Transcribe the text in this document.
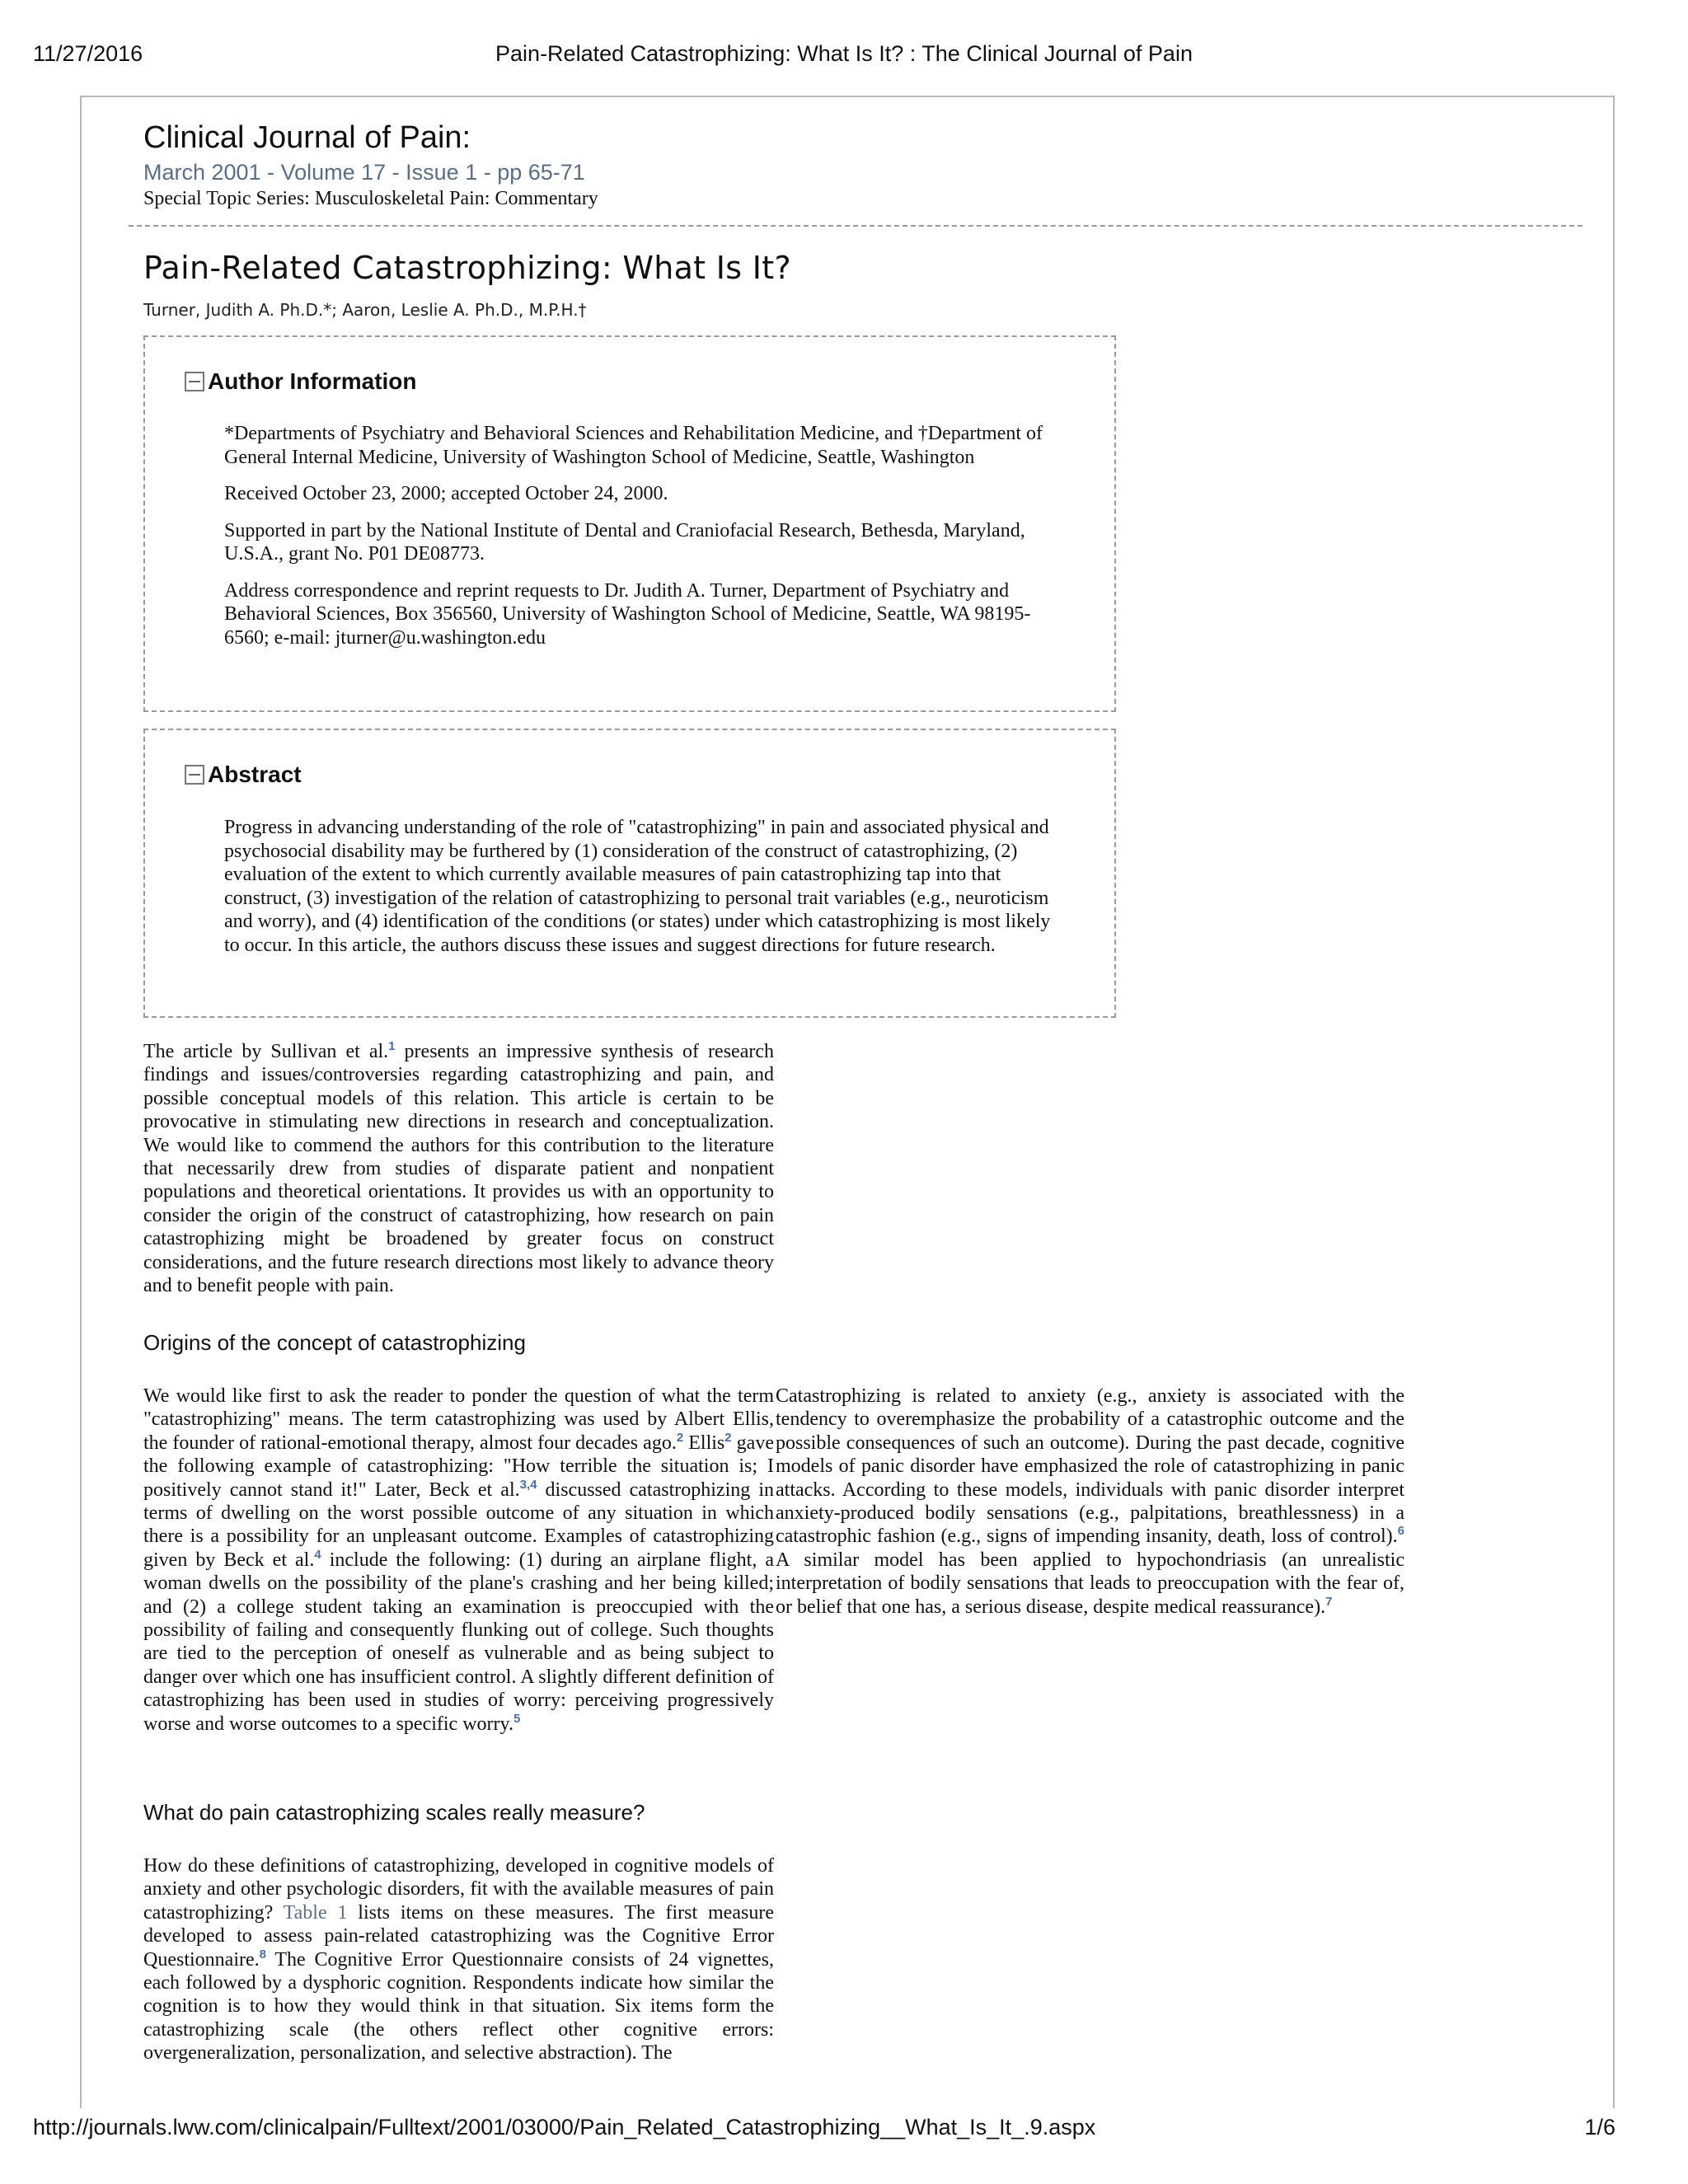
11/27/2016	Pain-Related Catastrophizing: What Is It? : The Clinical Journal of Pain
Clinical Journal of Pain:
March 2001 - Volume 17 - Issue 1 - pp 65-71
Special Topic Series: Musculoskeletal Pain: Commentary
Pain-Related Catastrophizing: What Is It?
Turner, Judith A. Ph.D.*; Aaron, Leslie A. Ph.D., M.P.H.†
Author Information

*Departments of Psychiatry and Behavioral Sciences and Rehabilitation Medicine, and †Department of General Internal Medicine, University of Washington School of Medicine, Seattle, Washington

Received October 23, 2000; accepted October 24, 2000.

Supported in part by the National Institute of Dental and Craniofacial Research, Bethesda, Maryland, U.S.A., grant No. P01 DE08773.

Address correspondence and reprint requests to Dr. Judith A. Turner, Department of Psychiatry and Behavioral Sciences, Box 356560, University of Washington School of Medicine, Seattle, WA 98195-6560; e-mail: jturner@u.washington.edu

Abstract

Progress in advancing understanding of the role of "catastrophizing" in pain and associated physical and psychosocial disability may be furthered by (1) consideration of the construct of catastrophizing, (2) evaluation of the extent to which currently available measures of pain catastrophizing tap into that construct, (3) investigation of the relation of catastrophizing to personal trait variables (e.g., neuroticism and worry), and (4) identification of the conditions (or states) under which catastrophizing is most likely to occur. In this article, the authors discuss these issues and suggest directions for future research.

The article by Sullivan et al.$^1$ presents an impressive synthesis of research findings and issues/controversies regarding catastrophizing and pain, and possible conceptual models of this relation. This article is certain to be provocative in stimulating new directions in research and conceptualization. We would like to commend the authors for this contribution to the literature that necessarily drew from studies of disparate patient and nonpatient populations and theoretical orientations. It provides us with an opportunity to consider the origin of the construct of catastrophizing, how research on pain catastrophizing might be broadened by greater focus on construct considerations, and the future research directions most likely to advance theory and to benefit people with pain.

Origins of the concept of catastrophizing

We would like first to ask the reader to ponder the question of what the term "catastrophizing" means. The term catastrophizing was used by Albert Ellis, the founder of rational-emotional therapy, almost four decades ago.$^2$ Ellis$^2$ gave the following example of catastrophizing: "How terrible the situation is; I positively cannot stand it!" Later, Beck et al.$^{3,4}$ discussed catastrophizing in terms of dwelling on the worst possible outcome of any situation in which there is a possibility for an unpleasant outcome. Examples of catastrophizing given by Beck et al.$^4$ include the following: (1) during an airplane flight, a woman dwells on the possibility of the plane's crashing and her being killed; and (2) a college student taking an examination is preoccupied with the possibility of failing and consequently flunking out of college. Such thoughts are tied to the perception of oneself as vulnerable and as being subject to danger over which one has insufficient control. A slightly different definition of catastrophizing has been used in studies of worry: perceiving progressively worse and worse outcomes to a specific worry.$^5$

Catastrophizing is related to anxiety (e.g., anxiety is associated with the tendency to overemphasize the probability of a catastrophic outcome and the possible consequences of such an outcome). During the past decade, cognitive models of panic disorder have emphasized the role of catastrophizing in panic attacks. According to these models, individuals with panic disorder interpret anxiety-produced bodily sensations (e.g., palpitations, breathlessness) in a catastrophic fashion (e.g., signs of impending insanity, death, loss of control).$^6$ A similar model has been applied to hypochondriasis (an unrealistic interpretation of bodily sensations that leads to preoccupation with the fear of, or belief that one has, a serious disease, despite medical reassurance).$^7$

What do pain catastrophizing scales really measure?

How do these definitions of catastrophizing, developed in cognitive models of anxiety and other psychologic disorders, fit with the available measures of pain catastrophizing? Table 1 lists items on these measures. The first measure developed to assess pain-related catastrophizing was the Cognitive Error Questionnaire.$^8$ The Cognitive Error Questionnaire consists of 24 vignettes, each followed by a dysphoric cognition. Respondents indicate how similar the cognition is to how they would think in that situation. Six items form the catastrophizing scale (the others reflect other cognitive errors: overgeneralization, personalization, and selective abstraction). The

http://journals.lww.com/clinicalpain/Fulltext/2001/03000/Pain_Related_Catastrophizing__What_Is_It_.9.aspx	1/6
